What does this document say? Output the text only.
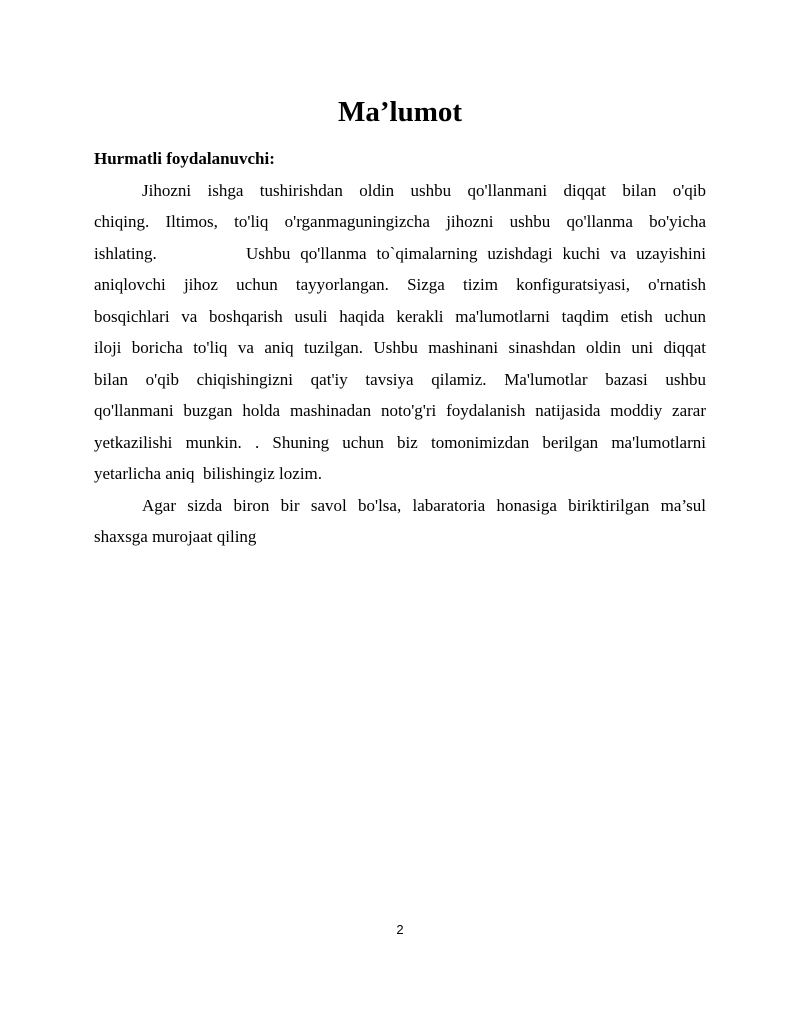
Ma’lumot

Hurmatli foydalanuvchi:

Jihozni ishga tushirishdan oldin ushbu qo'llanmani diqqat bilan o'qib
chiqing. Iltimos, to'liq o'rganmaguningizcha jihozni ushbu qo'llanma bo'yicha
ishlating.         Ushbu qo'llanma to`qimalarning uzishdagi kuchi va uzayishini
aniqlovchi jihoz uchun tayyorlangan. Sizga tizim konfiguratsiyasi, o'rnatish
bosqichlari va boshqarish usuli haqida kerakli ma'lumotlarni taqdim etish uchun
iloji boricha to'liq va aniq tuzilgan. Ushbu mashinani sinashdan oldin uni diqqat
bilan o'qib chiqishingizni qat'iy tavsiya qilamiz. Ma'lumotlar bazasi ushbu
qo'llanmani buzgan holda mashinadan noto'g'ri foydalanish natijasida moddiy zarar
yetkazilishi munkin. . Shuning uchun biz tomonimizdan berilgan ma'lumotlarni
yetarlicha aniq  bilishingiz lozim.
Agar sizda biron bir savol bo'lsa, labaratoria honasiga biriktirilgan ma’sul
shaxsga murojaat qiling
2
